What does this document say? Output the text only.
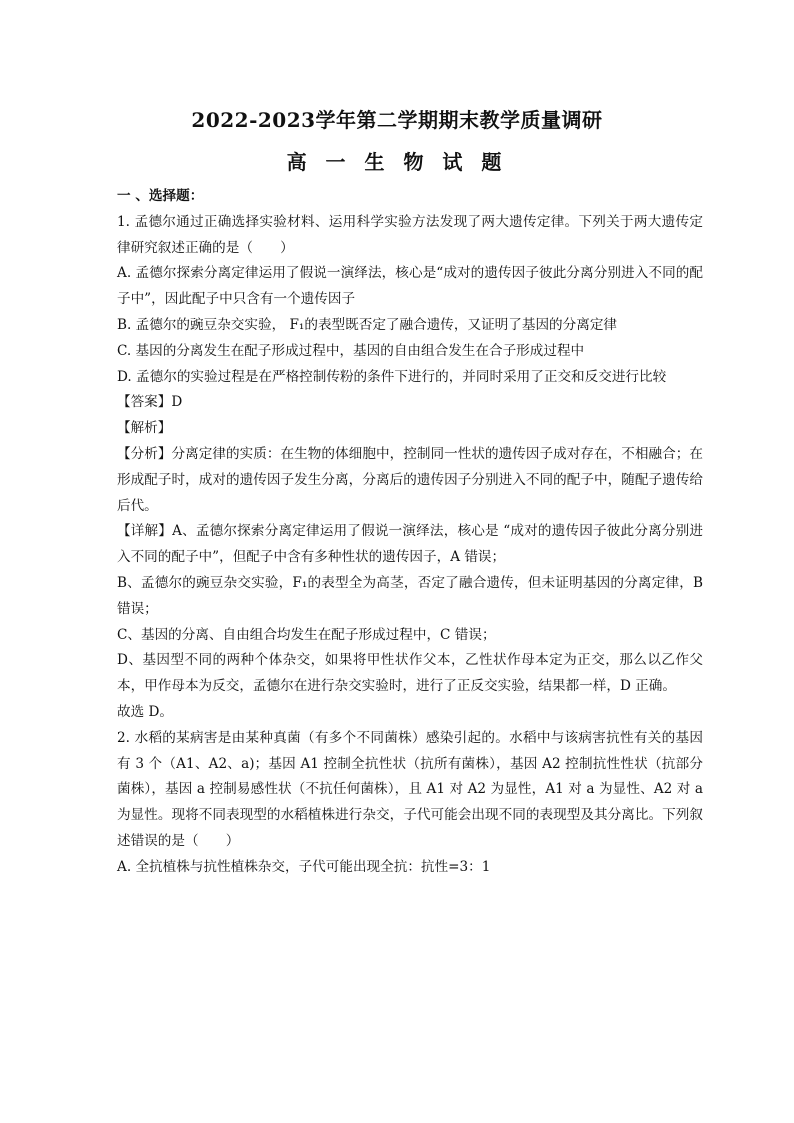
2022-2023学年第二学期期末教学质量调研
高 一 生 物 试 题

一 、选择题：

1. 孟德尔通过正确选择实验材料、运用科学实验方法发现了两大遗传定律。下列关于两大遗传定律研究叙述正确的是（　　）

A. 孟德尔探索分离定律运用了假说一演绎法，核心是“成对的遗传因子彼此分离分别进入不同的配子中”，因此配子中只含有一个遗传因子

B. 孟德尔的豌豆杂交实验， F₁的表型既否定了融合遗传，又证明了基因的分离定律

C. 基因的分离发生在配子形成过程中，基因的自由组合发生在合子形成过程中

D. 孟德尔的实验过程是在严格控制传粉的条件下进行的，并同时采用了正交和反交进行比较

【答案】D

【解析】

【分析】分离定律的实质：在生物的体细胞中，控制同一性状的遗传因子成对存在，不相融合；在形成配子时，成对的遗传因子发生分离，分离后的遗传因子分别进入不同的配子中，随配子遗传给后代。

【详解】A、孟德尔探索分离定律运用了假说一演绎法，核心是 “成对的遗传因子彼此分离分别进入不同的配子中”，但配子中含有多种性状的遗传因子，A 错误；

B、孟德尔的豌豆杂交实验，F₁的表型全为高茎，否定了融合遗传，但未证明基因的分离定律，B 错误；

C、基因的分离、自由组合均发生在配子形成过程中，C 错误；

D、基因型不同的两种个体杂交，如果将甲性状作父本，乙性状作母本定为正交，那么以乙作父本，甲作母本为反交，孟德尔在进行杂交实验时，进行了正反交实验，结果都一样，D 正确。

故选 D。

2. 水稻的某病害是由某种真菌（有多个不同菌株）感染引起的。水稻中与该病害抗性有关的基因有 3 个（A1、A2、a)；基因 A1 控制全抗性状（抗所有菌株），基因 A2 控制抗性性状（抗部分菌株），基因 a 控制易感性状（不抗任何菌株），且 A1 对 A2 为显性，A1 对 a 为显性、A2 对 a 为显性。现将不同表现型的水稻植株进行杂交，子代可能会出现不同的表现型及其分离比。下列叙述错误的是（　　）

A. 全抗植株与抗性植株杂交，子代可能出现全抗：抗性=3：1
